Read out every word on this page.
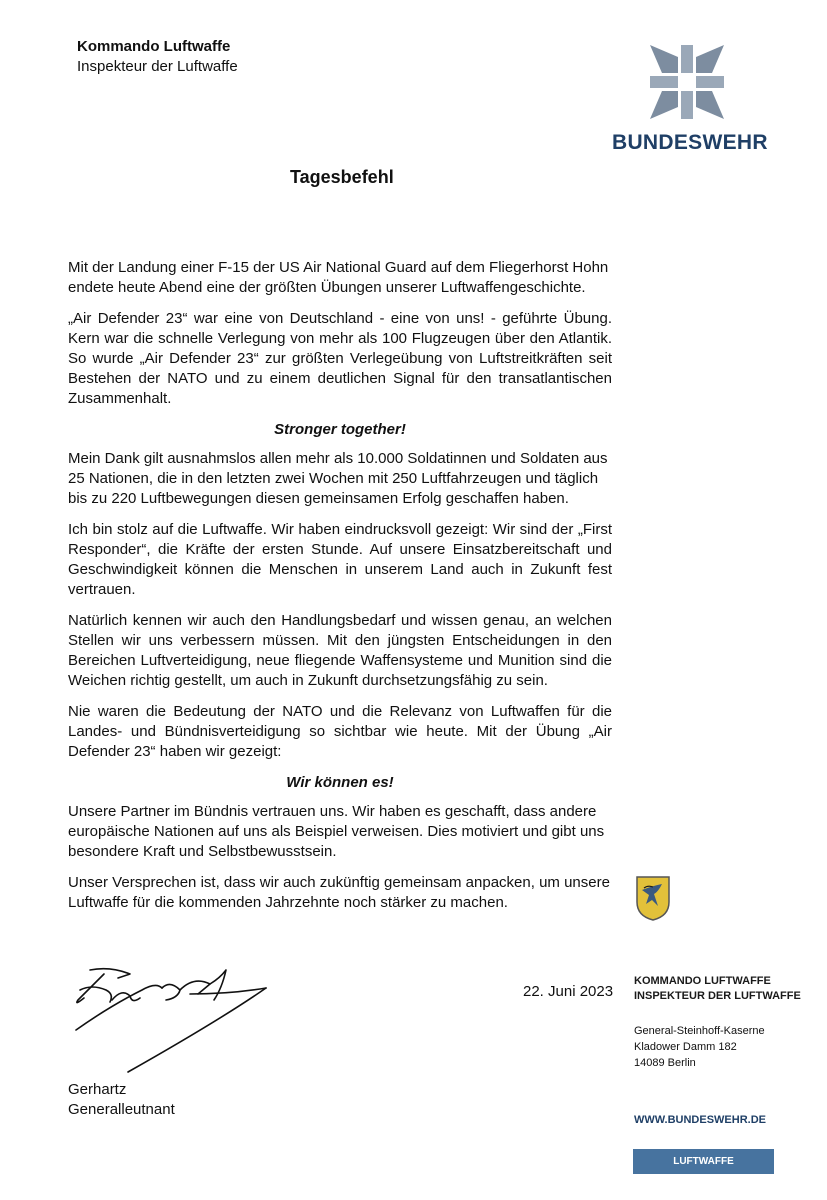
Kommando Luftwaffe
Inspekteur der Luftwaffe
BUNDESWEHR
Tagesbefehl

Mit der Landung einer F-15 der US Air National Guard auf dem Fliegerhorst Hohn endete heute Abend eine der größten Übungen unserer Luftwaffengeschichte.

„Air Defender 23“ war eine von Deutschland - eine von uns! - geführte Übung. Kern war die schnelle Verlegung von mehr als 100 Flugzeugen über den Atlantik. So wurde „Air Defender 23“ zur größten Verlegeübung von Luftstreitkräften seit Bestehen der NATO und zu einem deutlichen Signal für den transatlantischen Zusammenhalt.

Stronger together!

Mein Dank gilt ausnahmslos allen mehr als 10.000 Soldatinnen und Soldaten aus 25 Nationen, die in den letzten zwei Wochen mit 250 Luftfahrzeugen und täglich bis zu 220 Luftbewegungen diesen gemeinsamen Erfolg geschaffen haben.

Ich bin stolz auf die Luftwaffe. Wir haben eindrucksvoll gezeigt: Wir sind der „First Responder“, die Kräfte der ersten Stunde. Auf unsere Einsatzbereitschaft und Geschwindigkeit können die Menschen in unserem Land auch in Zukunft fest vertrauen.

Natürlich kennen wir auch den Handlungsbedarf und wissen genau, an welchen Stellen wir uns verbessern müssen. Mit den jüngsten Entscheidungen in den Bereichen Luftverteidigung, neue fliegende Waffensysteme und Munition sind die Weichen richtig gestellt, um auch in Zukunft durchsetzungsfähig zu sein.

Nie waren die Bedeutung der NATO und die Relevanz von Luftwaffen für die Landes- und Bündnisverteidigung so sichtbar wie heute. Mit der Übung „Air Defender 23“ haben wir gezeigt:

Wir können es!

Unsere Partner im Bündnis vertrauen uns. Wir haben es geschafft, dass andere europäische Nationen auf uns als Beispiel verweisen. Dies motiviert und gibt uns besondere Kraft und Selbstbewusstsein.

Unser Versprechen ist, dass wir auch zukünftig gemeinsam anpacken, um unsere Luftwaffe für die kommenden Jahrzehnte noch stärker zu machen.

22. Juni 2023
Gerhartz
Generalleutnant
KOMMANDO LUFTWAFFE
INSPEKTEUR DER LUFTWAFFE
General-Steinhoff-Kaserne
Kladower Damm 182
14089 Berlin
WWW.BUNDESWEHR.DE
LUFTWAFFE
